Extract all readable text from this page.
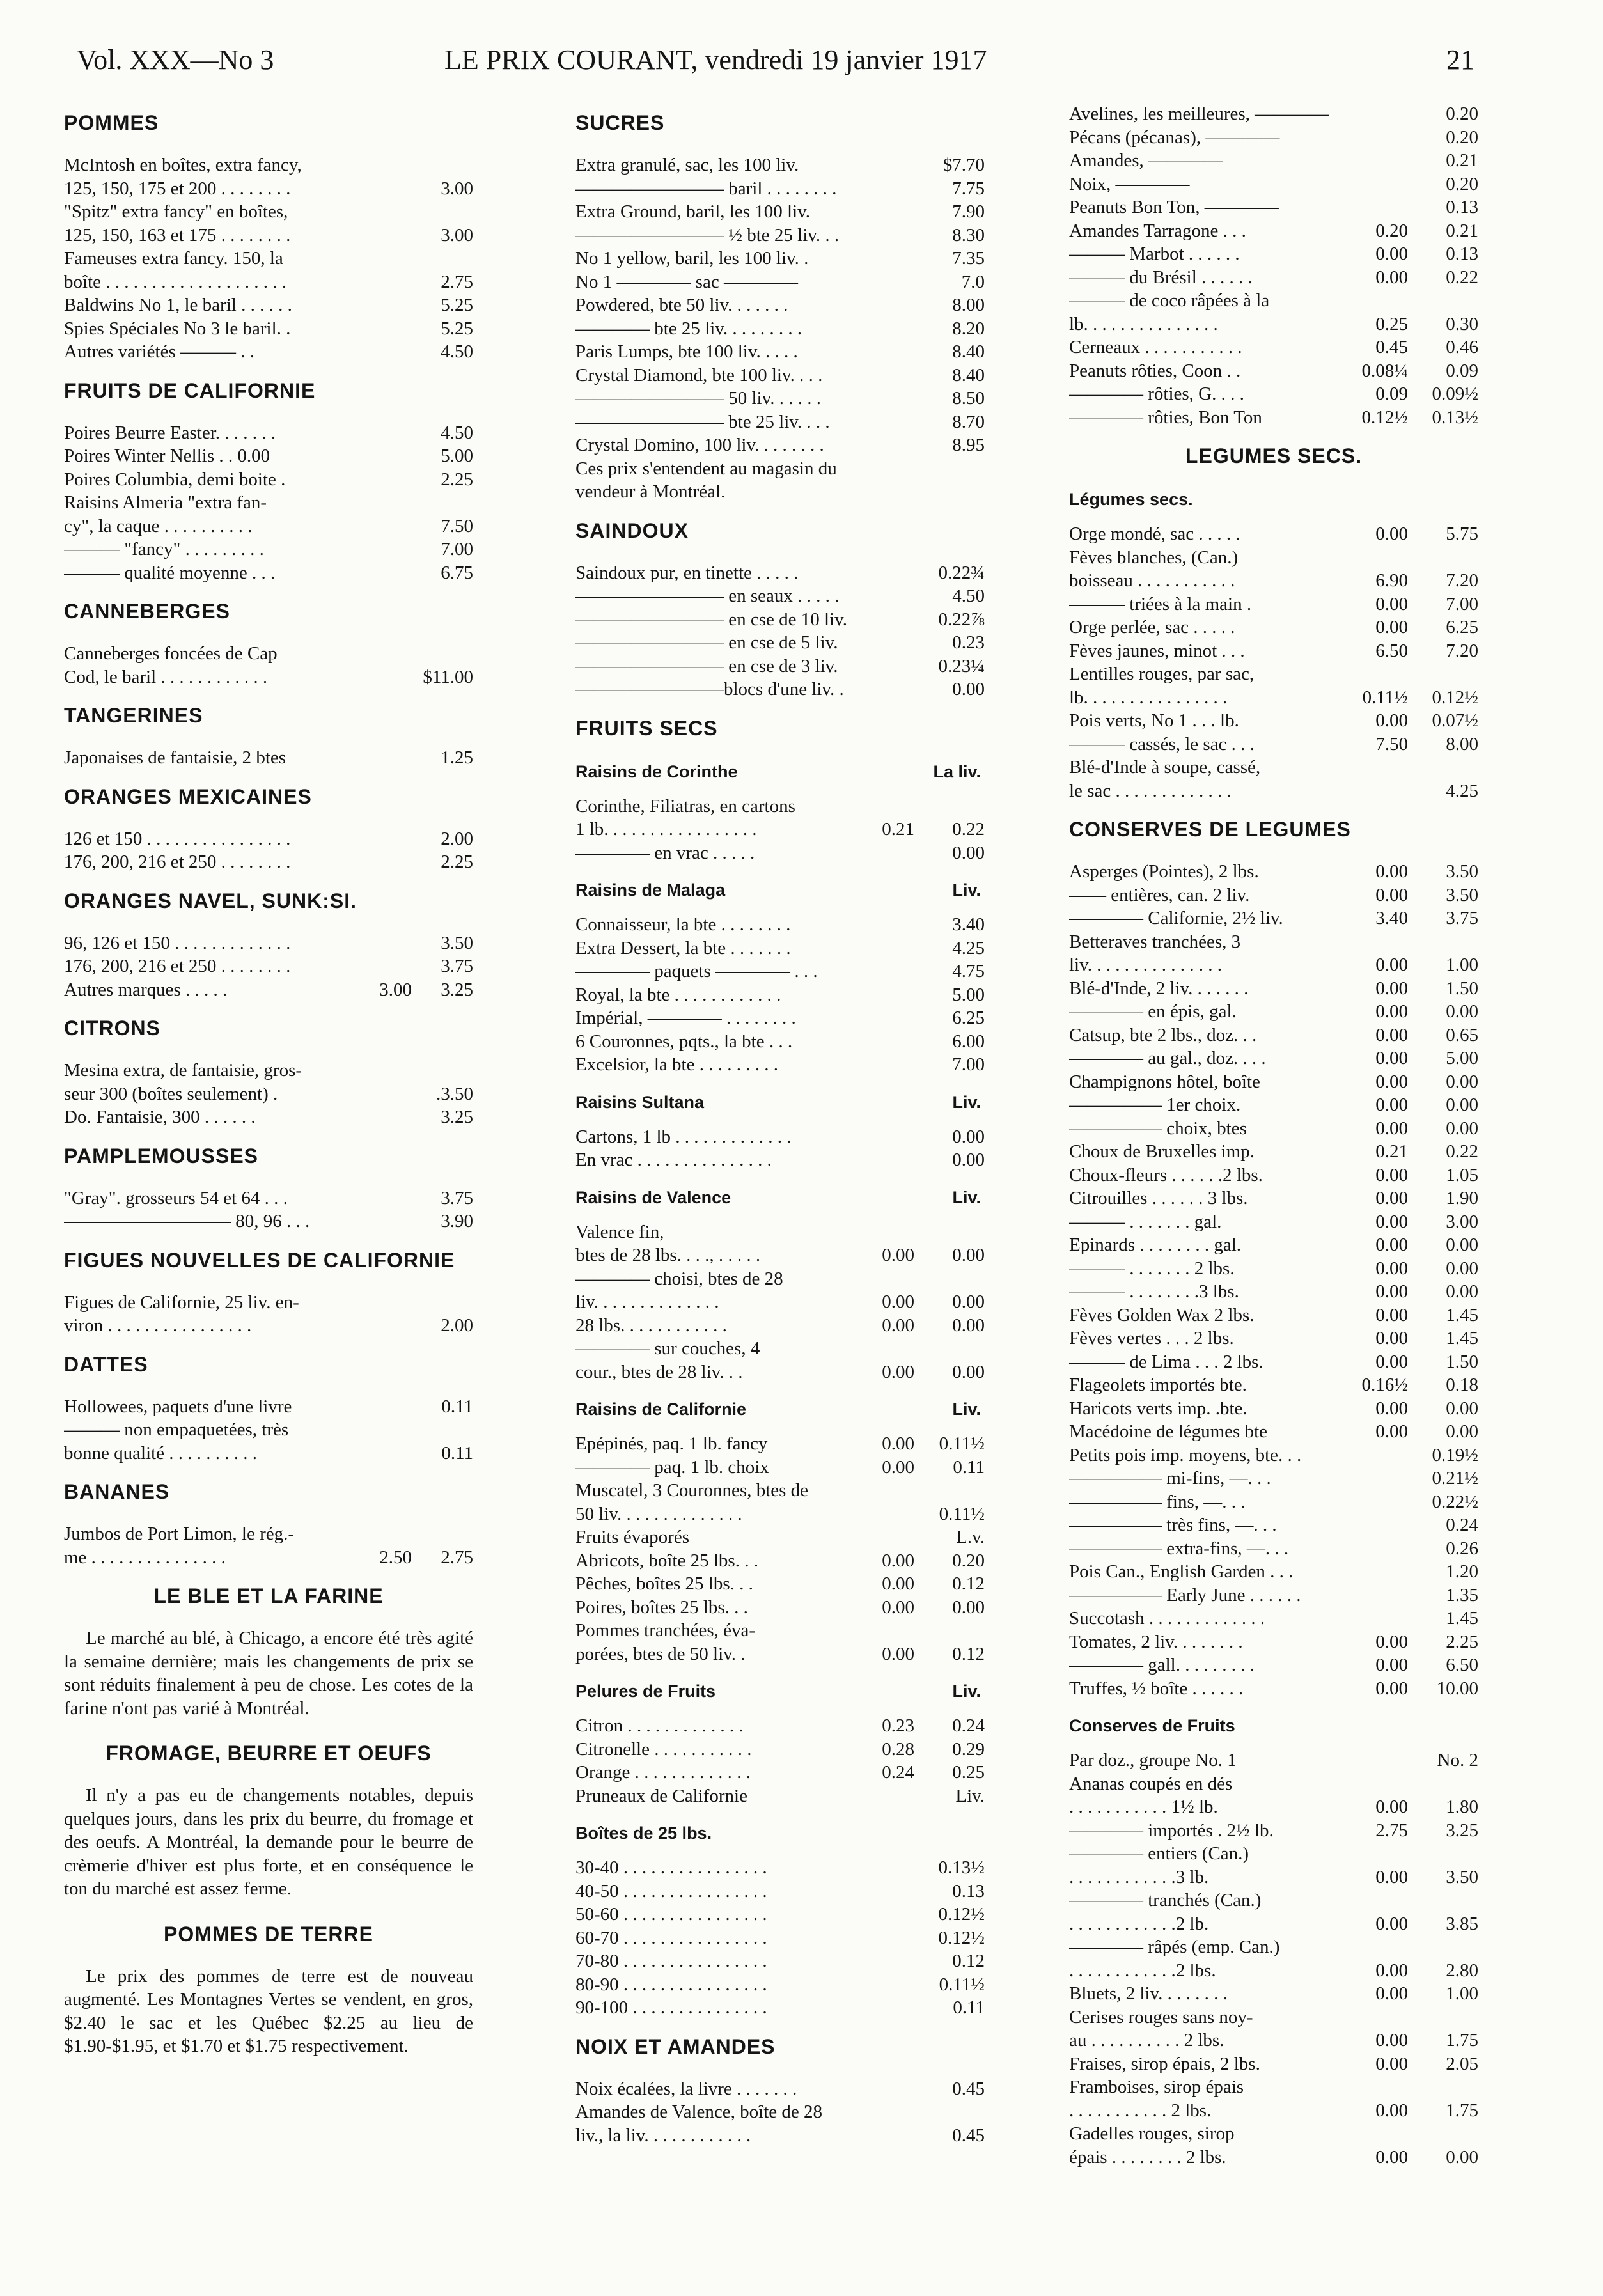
Vol. XXX—No 3	LE PRIX COURANT, vendredi 19 janvier 1917	21
POMMES
McIntosh en boîtes, extra fancy,
125, 150, 175 et 200 . . . . . . . .	3.00
"Spitz" extra fancy" en boîtes,
125, 150, 163 et 175 . . . . . . . .	3.00
Fameuses extra fancy. 150, la
boîte . . . . . . . . . . . . . . . . . . . .	2.75
Baldwins No 1, le baril . . . . . .	5.25
Spies Spéciales No 3 le baril. .	5.25
Autres variétés ——— . .	4.50
FRUITS DE CALIFORNIE
Poires Beurre Easter. . . . . . .	4.50
Poires Winter Nellis . . 0.00	5.00
Poires Columbia, demi boite .	2.25
Raisins Almeria "extra fan-
cy", la caque . . . . . . . . . .	7.50
——— "fancy" . . . . . . . . .	7.00
——— qualité moyenne . . .	6.75
CANNEBERGES
Canneberges foncées de Cap
Cod, le baril . . . . . . . . . . . .	$11.00
TANGERINES
Japonaises de fantaisie, 2 btes	1.25
ORANGES MEXICAINES
126 et 150 . . . . . . . . . . . . . . . .	2.00
176, 200, 216 et 250 . . . . . . . .	2.25
ORANGES NAVEL, SUNK:SI.
96, 126 et 150 . . . . . . . . . . . . .	3.50
176, 200, 216 et 250 . . . . . . . .	3.75
Autres marques . . . . .	3.00	3.25
CITRONS
Mesina extra, de fantaisie, gros-
seur 300 (boîtes seulement) .	.3.50
Do. Fantaisie, 300 . . . . . .	3.25
PAMPLEMOUSSES
"Gray". grosseurs 54 et 64 . . .	3.75
————————— 80, 96 . . .	3.90
FIGUES NOUVELLES DE CALIFORNIE
Figues de Californie, 25 liv. en-
viron . . . . . . . . . . . . . . . .	2.00
DATTES
Hollowees, paquets d'une livre	0.11
——— non empaquetées, très
bonne qualité . . . . . . . . . .	0.11
BANANES
Jumbos de Port Limon, le rég.-
me . . . . . . . . . . . . . . .	2.50	2.75
LE BLE ET LA FARINE
Le marché au blé, à Chicago, a encore été très agité la semaine dernière; mais les changements de prix se sont réduits finalement à peu de chose. Les cotes de la farine n'ont pas varié à Montréal.
FROMAGE, BEURRE ET OEUFS
Il n'y a pas eu de changements notables, depuis quelques jours, dans les prix du beurre, du fromage et des oeufs. A Montréal, la demande pour le beurre de crèmerie d'hiver est plus forte, et en conséquence le ton du marché est assez ferme.
POMMES DE TERRE
Le prix des pommes de terre est de nouveau augmenté. Les Montagnes Vertes se vendent, en gros, $2.40 le sac et les Québec $2.25 au lieu de $1.90-$1.95, et $1.70 et $1.75 respectivement.
SUCRES
Extra granulé, sac, les 100 liv.	$7.70
———————— baril . . . . . . . .	7.75
Extra Ground, baril, les 100 liv.	7.90
———————— ½ bte 25 liv. . .	8.30
No 1 yellow, baril, les 100 liv. .	7.35
No 1 ———— sac ————	7.0
Powdered, bte 50 liv. . . . . . .	8.00
———— bte 25 liv. . . . . . . . .	8.20
Paris Lumps, bte 100 liv. . . . .	8.40
Crystal Diamond, bte 100 liv. . . .	8.40
———————— 50 liv. . . . . .	8.50
———————— bte 25 liv. . . .	8.70
Crystal Domino, 100 liv. . . . . . . .	8.95
Ces prix s'entendent au magasin du
vendeur à Montréal.
SAINDOUX
Saindoux pur, en tinette . . . . .	0.22¾
———————— en seaux . . . . .	4.50
———————— en cse de 10 liv.	0.22⅞
———————— en cse de 5 liv.	0.23
———————— en cse de 3 liv.	0.23¼
————————blocs d'une liv. .	0.00
FRUITS SECS
Raisins de Corinthe	La liv.
Corinthe, Filiatras, en cartons
1 lb. . . . . . . . . . . . . . . . .	0.21	0.22
———— en vrac . . . . .	0.00
Raisins de Malaga	Liv.
Connaisseur, la bte . . . . . . . .	3.40
Extra Dessert, la bte . . . . . . .	4.25
———— paquets ———— . . .	4.75
Royal, la bte . . . . . . . . . . . .	5.00
Impérial, ———— . . . . . . . .	6.25
6 Couronnes, pqts., la bte . . .	6.00
Excelsior, la bte . . . . . . . . .	7.00
Raisins Sultana	Liv.
Cartons, 1 lb . . . . . . . . . . . . .	0.00
En vrac . . . . . . . . . . . . . . .	0.00
Raisins de Valence	Liv.
Valence fin,
btes de 28 lbs. . . ., . . . . .	0.00	0.00
———— choisi, btes de 28
liv. . . . . . . . . . . . . .	0.00	0.00
28 lbs. . . . . . . . . . . .	0.00	0.00
———— sur couches, 4
cour., btes de 28 liv. . .	0.00	0.00
Raisins de Californie	Liv.
Epépinés, paq. 1 lb. fancy	0.00	0.11½
———— paq. 1 lb. choix	0.00	0.11
Muscatel, 3 Couronnes, btes de
50 liv. . . . . . . . . . . . . .	0.11½
Fruits évaporés	L.v.
Abricots, boîte 25 lbs. . .	0.00	0.20
Pêches, boîtes 25 lbs. . .	0.00	0.12
Poires, boîtes 25 lbs. . .	0.00	0.00
Pommes tranchées, éva-
porées, btes de 50 liv. .	0.00	0.12
Pelures de Fruits	Liv.
Citron . . . . . . . . . . . . .	0.23	0.24
Citronelle . . . . . . . . . . .	0.28	0.29
Orange . . . . . . . . . . . . .	0.24	0.25
Pruneaux de Californie	Liv.
Boîtes de 25 lbs.
30-40 . . . . . . . . . . . . . . . .	0.13½
40-50 . . . . . . . . . . . . . . . .	0.13
50-60 . . . . . . . . . . . . . . . .	0.12½
60-70 . . . . . . . . . . . . . . . .	0.12½
70-80 . . . . . . . . . . . . . . . .	0.12
80-90 . . . . . . . . . . . . . . . .	0.11½
90-100 . . . . . . . . . . . . . . .	0.11
NOIX ET AMANDES
Noix écalées, la livre . . . . . . .	0.45
Amandes de Valence, boîte de 28
liv., la liv. . . . . . . . . . . .	0.45
Avelines, les meilleures, ————	0.20
Pécans (pécanas), ————	0.20
Amandes, ————	0.21
Noix, ————	0.20
Peanuts Bon Ton, ————	0.13
Amandes Tarragone . . .	0.20	0.21
——— Marbot . . . . . .	0.00	0.13
——— du Brésil . . . . . .	0.00	0.22
——— de coco râpées à la
lb. . . . . . . . . . . . . . .	0.25	0.30
Cerneaux . . . . . . . . . . .	0.45	0.46
Peanuts rôties, Coon . .	0.08¼	0.09
———— rôties, G. . . .	0.09	0.09½
———— rôties, Bon Ton	0.12½	0.13½
LEGUMES SECS.
Légumes secs.
Orge mondé, sac . . . . .	0.00	5.75
Fèves blanches, (Can.)
boisseau . . . . . . . . . . .	6.90	7.20
——— triées à la main .	0.00	7.00
Orge perlée, sac . . . . .	0.00	6.25
Fèves jaunes, minot . . .	6.50	7.20
Lentilles rouges, par sac,
lb. . . . . . . . . . . . . . . .	0.11½	0.12½
Pois verts, No 1 . . . lb.	0.00	0.07½
——— cassés, le sac . . .	7.50	8.00
Blé-d'Inde à soupe, cassé,
le sac . . . . . . . . . . . . .	4.25
CONSERVES DE LEGUMES
Asperges (Pointes), 2 lbs.	0.00	3.50
—— entières, can. 2 liv.	0.00	3.50
———— Californie, 2½ liv.	3.40	3.75
Betteraves tranchées, 3
liv. . . . . . . . . . . . . . .	0.00	1.00
Blé-d'Inde, 2 liv. . . . . . .	0.00	1.50
———— en épis, gal.	0.00	0.00
Catsup, bte 2 lbs., doz. . .	0.00	0.65
———— au gal., doz. . . .	0.00	5.00
Champignons hôtel, boîte	0.00	0.00
————— 1er choix.	0.00	0.00
————— choix, btes	0.00	0.00
Choux de Bruxelles imp.	0.21	0.22
Choux-fleurs . . . . . .2 lbs.	0.00	1.05
Citrouilles . . . . . . 3 lbs.	0.00	1.90
——— . . . . . . . gal.	0.00	3.00
Epinards . . . . . . . . gal.	0.00	0.00
——— . . . . . . . 2 lbs.	0.00	0.00
——— . . . . . . . .3 lbs.	0.00	0.00
Fèves Golden Wax 2 lbs.	0.00	1.45
Fèves vertes . . . 2 lbs.	0.00	1.45
——— de Lima . . . 2 lbs.	0.00	1.50
Flageolets importés bte.	0.16½	0.18
Haricots verts imp. .bte.	0.00	0.00
Macédoine de légumes bte	0.00	0.00
Petits pois imp. moyens, bte. . .	0.19½
————— mi-fins, —. . .	0.21½
————— fins, —. . .	0.22½
————— très fins, —. . .	0.24
————— extra-fins, —. . .	0.26
Pois Can., English Garden . . .	1.20
————— Early June . . . . . .	1.35
Succotash . . . . . . . . . . . . .	1.45
Tomates, 2 liv. . . . . . . .	0.00	2.25
———— gall. . . . . . . . .	0.00	6.50
Truffes, ½ boîte . . . . . .	0.00	10.00
Conserves de Fruits
Par doz., groupe No. 1	No. 2
Ananas coupés en dés
. . . . . . . . . . . 1½ lb.	0.00	1.80
———— importés . 2½ lb.	2.75	3.25
———— entiers (Can.)
. . . . . . . . . . . .3 lb.	0.00	3.50
———— tranchés (Can.)
. . . . . . . . . . . .2 lb.	0.00	3.85
———— râpés (emp. Can.)
. . . . . . . . . . . .2 lbs.	0.00	2.80
Bluets, 2 liv. . . . . . . .	0.00	1.00
Cerises rouges sans noy-
au . . . . . . . . . . 2 lbs.	0.00	1.75
Fraises, sirop épais, 2 lbs.	0.00	2.05
Framboises, sirop épais
. . . . . . . . . . . 2 lbs.	0.00	1.75
Gadelles rouges, sirop
épais . . . . . . . . 2 lbs.	0.00	0.00
